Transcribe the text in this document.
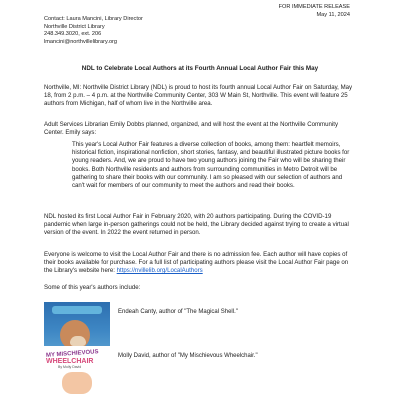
FOR IMMEDIATE RELEASE
May 11, 2024
Contact: Laura Mancini, Library Director
Northville District Library
248.349.3020, ext. 206
lmancini@northvillelibrary.org
NDL to Celebrate Local Authors at its Fourth Annual Local Author Fair this May

Northville, MI: Northville District Library (NDL) is proud to host its fourth annual Local Author Fair on Saturday, May 18, from 2 p.m. – 4 p.m. at the Northville Community Center, 303 W Main St, Northville. This event will feature 25 authors from Michigan, half of whom live in the Northville area.

Adult Services Librarian Emily Dobbs planned, organized, and will host the event at the Northville Community Center. Emily says:

This year's Local Author Fair features a diverse collection of books, among them: heartfelt memoirs, historical fiction, inspirational nonfiction, short stories, fantasy, and beautiful illustrated picture books for young readers. And, we are proud to have two young authors joining the Fair who will be sharing their books. Both Northville residents and authors from surrounding communities in Metro Detroit will be gathering to share their books with our community. I am so pleased with our selection of authors and can't wait for members of our community to meet the authors and read their books.

NDL hosted its first Local Author Fair in February 2020, with 20 authors participating. During the COVID-19 pandemic when large in-person gatherings could not be held, the Library decided against trying to create a virtual version of the event. In 2022 the event returned in person.

Everyone is welcome to visit the Local Author Fair and there is no admission fee. Each author will have copies of their books available for purchase. For a full list of participating authors please visit the Local Author Fair page on the Library's website here: https://nvillelib.org/LocalAuthors

Some of this year's authors include:

Endeah Canty, author of "The Magical Shell."
MY MISCHIEVOUS
WHEELCHAIR
By Molly David
Molly David, author of "My Mischievous Wheelchair."
